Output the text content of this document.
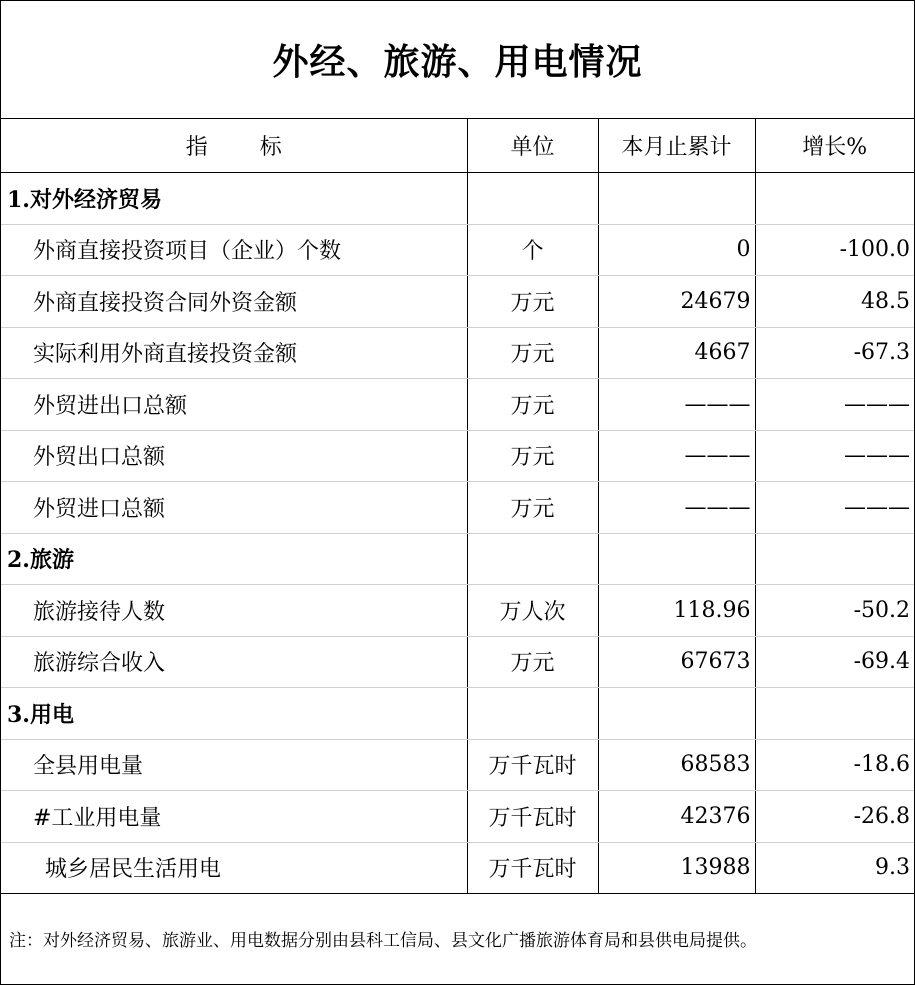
外经、旅游、用电情况
指 标	单位	本月止累计	增长%
1.对外经济贸易			
外商直接投资项目（企业）个数	个	0	-100.0
外商直接投资合同外资金额	万元	24679	48.5
实际利用外商直接投资金额	万元	4667	-67.3
外贸进出口总额	万元	———	———
外贸出口总额	万元	———	———
外贸进口总额	万元	———	———
2.旅游			
旅游接待人数	万人次	118.96	-50.2
旅游综合收入	万元	67673	-69.4
3.用电			
全县用电量	万千瓦时	68583	-18.6
#工业用电量	万千瓦时	42376	-26.8
城乡居民生活用电	万千瓦时	13988	9.3
注：对外经济贸易、旅游业、用电数据分别由县科工信局、县文化广播旅游体育局和县供电局提供。
